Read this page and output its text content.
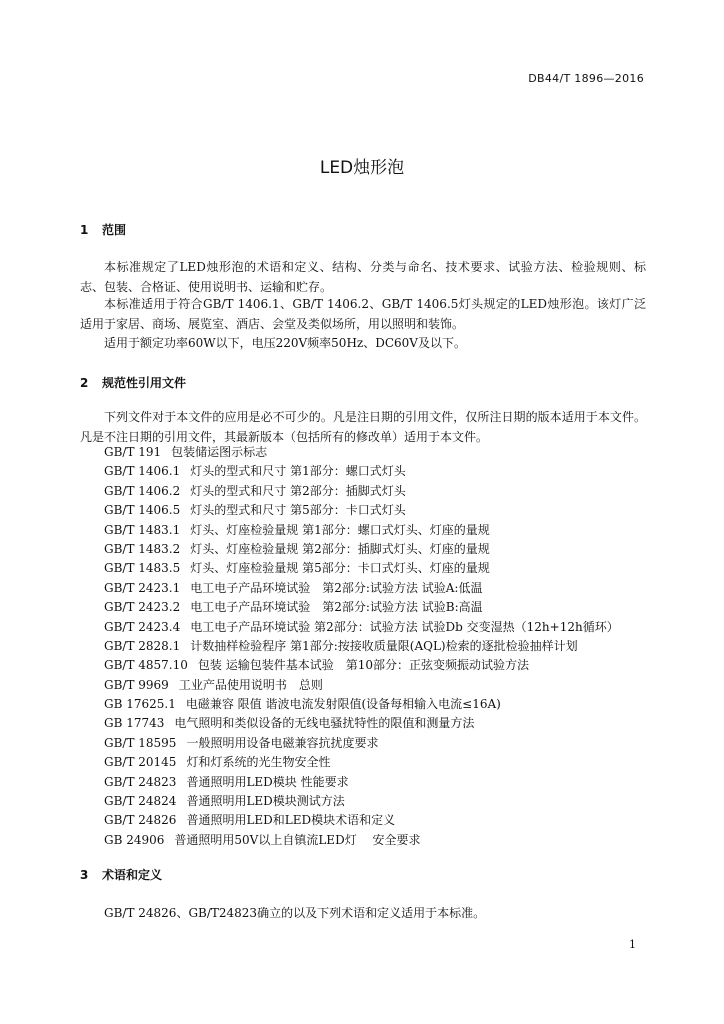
DB44/T 1896—2016
LED烛形泡
1 范围
本标准规定了LED烛形泡的术语和定义、结构、分类与命名、技术要求、试验方法、检验规则、标志、包装、合格证、使用说明书、运输和贮存。
本标准适用于符合GB/T 1406.1、GB/T 1406.2、GB/T 1406.5灯头规定的LED烛形泡。该灯广泛适用于家居、商场、展览室、酒店、会堂及类似场所，用以照明和装饰。
适用于额定功率60W以下，电压220V频率50Hz、DC60V及以下。
2 规范性引用文件
下列文件对于本文件的应用是必不可少的。凡是注日期的引用文件，仅所注日期的版本适用于本文件。凡是不注日期的引用文件，其最新版本（包括所有的修改单）适用于本文件。
GB/T 191 包装储运图示标志
GB/T 1406.1 灯头的型式和尺寸 第1部分：螺口式灯头
GB/T 1406.2 灯头的型式和尺寸 第2部分：插脚式灯头
GB/T 1406.5 灯头的型式和尺寸 第5部分：卡口式灯头
GB/T 1483.1 灯头、灯座检验量规 第1部分：螺口式灯头、灯座的量规
GB/T 1483.2 灯头、灯座检验量规 第2部分：插脚式灯头、灯座的量规
GB/T 1483.5 灯头、灯座检验量规 第5部分：卡口式灯头、灯座的量规
GB/T 2423.1 电工电子产品环境试验　第2部分:试验方法 试验A:低温
GB/T 2423.2 电工电子产品环境试验　第2部分:试验方法 试验B:高温
GB/T 2423.4 电工电子产品环境试验 第2部分：试验方法 试验Db 交变湿热（12h+12h循环）
GB/T 2828.1 计数抽样检验程序 第1部分:按接收质量限(AQL)检索的逐批检验抽样计划
GB/T 4857.10 包装 运输包装件基本试验　第10部分：正弦变频振动试验方法
GB/T 9969 工业产品使用说明书　总则
GB 17625.1 电磁兼容 限值 谐波电流发射限值(设备每相输入电流≤16A)
GB 17743 电气照明和类似设备的无线电骚扰特性的限值和测量方法
GB/T 18595 一般照明用设备电磁兼容抗扰度要求
GB/T 20145 灯和灯系统的光生物安全性
GB/T 24823 普通照明用LED模块 性能要求
GB/T 24824 普通照明用LED模块测试方法
GB/T 24826 普通照明用LED和LED模块术语和定义
GB 24906 普通照明用50V以上自镇流LED灯　 安全要求
3 术语和定义
GB/T 24826、GB/T24823确立的以及下列术语和定义适用于本标准。
1
